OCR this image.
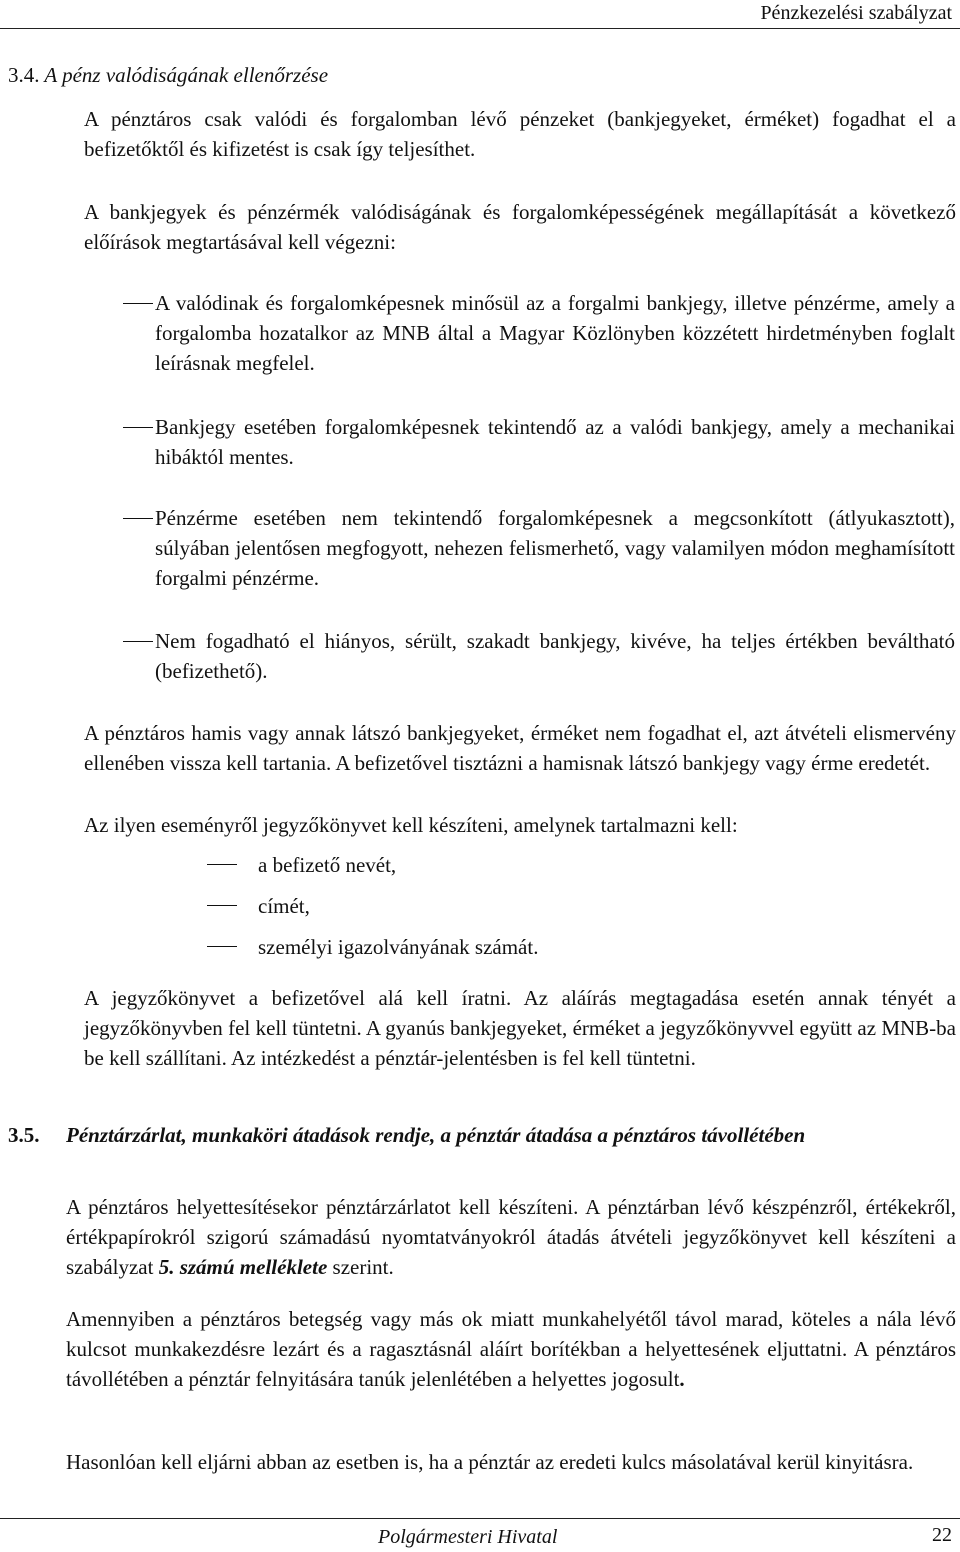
Pénzkezelési szabályzat
3.4. A pénz valódiságának ellenőrzése
A pénztáros csak valódi és forgalomban lévő pénzeket (bankjegyeket, érméket) fogadhat el a befizetőktől és kifizetést is csak így teljesíthet.
A bankjegyek és pénzérmék valódiságának és forgalomképességének megállapítását a következő előírások megtartásával kell végezni:
A valódinak és forgalomképesnek minősül az a forgalmi bankjegy, illetve pénzérme, amely a forgalomba hozatalkor az MNB által a Magyar Közlönyben közzétett hirdetményben foglalt leírásnak megfelel.
Bankjegy esetében forgalomképesnek tekintendő az a valódi bankjegy, amely a mechanikai hibáktól mentes.
Pénzérme esetében nem tekintendő forgalomképesnek a megcsonkított (átlyukasztott), súlyában jelentősen megfogyott, nehezen felismerhető, vagy valamilyen módon meghamísított forgalmi pénzérme.
Nem fogadható el hiányos, sérült, szakadt bankjegy, kivéve, ha teljes értékben beváltható (befizethető).
A pénztáros hamis vagy annak látszó bankjegyeket, érméket nem fogadhat el, azt átvételi elismervény ellenében vissza kell tartania. A befizetővel tisztázni a hamisnak látszó bankjegy vagy érme eredetét.
Az ilyen eseményről jegyzőkönyvet kell készíteni, amelynek tartalmazni kell:
a befizető nevét,
címét,
személyi igazolványának számát.
A jegyzőkönyvet a befizetővel alá kell íratni. Az aláírás megtagadása esetén annak tényét a jegyzőkönyvben fel kell tüntetni. A gyanús bankjegyeket, érméket a jegyzőkönyvvel együtt az MNB-ba be kell szállítani. Az intézkedést a pénztár-jelentésben is fel kell tüntetni.
3.5. Pénztárzárlat, munkaköri átadások rendje, a pénztár átadása a pénztáros távollétében
A pénztáros helyettesítésekor pénztárzárlatot kell készíteni. A pénztárban lévő készpénzről, értékekről, értékpapírokról szigorú számadású nyomtatványokról átadás átvételi jegyzőkönyvet kell készíteni a szabályzat 5. számú melléklete szerint.
Amennyiben a pénztáros betegség vagy más ok miatt munkahelyétől távol marad, köteles a nála lévő kulcsot munkakezdésre lezárt és a ragasztásnál aláírt borítékban a helyettesének eljuttatni. A pénztáros távollétében a pénztár felnyitására tanúk jelenlétében a helyettes jogosult.
Hasonlóan kell eljárni abban az esetben is, ha a pénztár az eredeti kulcs másolatával kerül kinyitásra.
Polgármesteri Hivatal	22
